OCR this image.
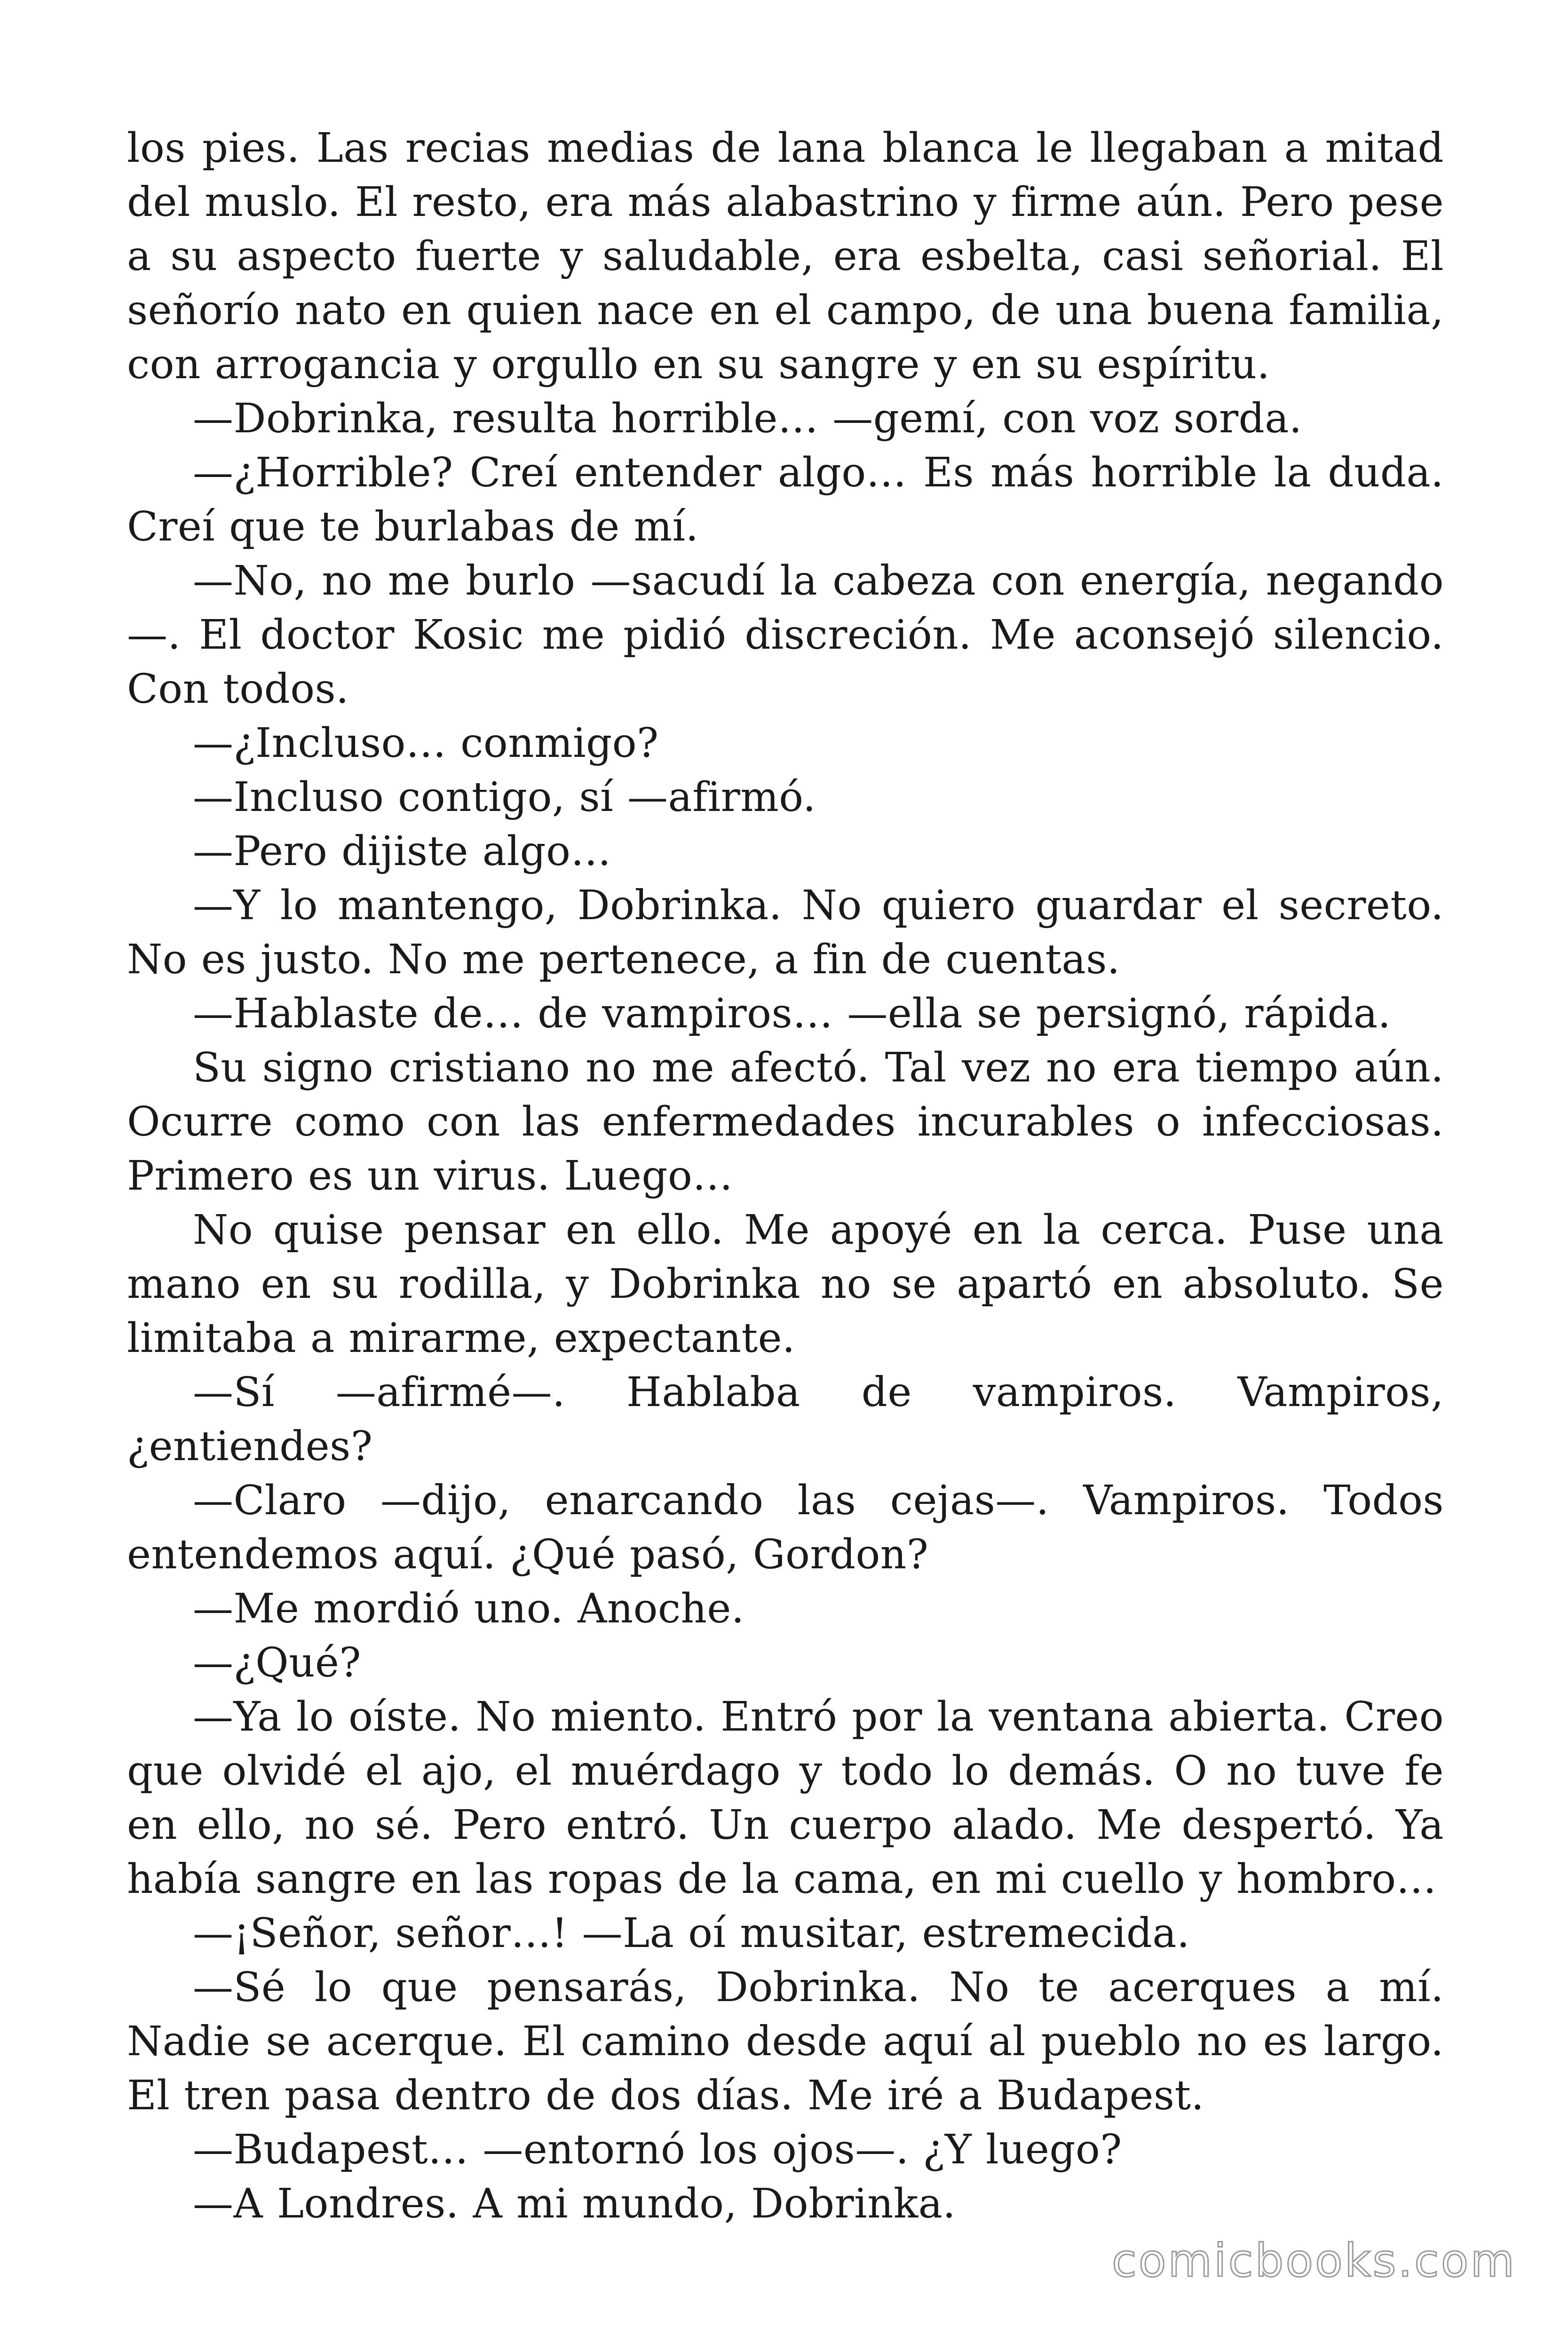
los pies. Las recias medias de lana blanca le llegaban a mitad del muslo. El resto, era más alabastrino y firme aún. Pero pese a su aspecto fuerte y saludable, era esbelta, casi señorial. El señorío nato en quien nace en el campo, de una buena familia, con arrogancia y orgullo en su sangre y en su espíritu.

—Dobrinka, resulta horrible… —gemí, con voz sorda.

—¿Horrible? Creí entender algo… Es más horrible la duda. Creí que te burlabas de mí.

—No, no me burlo —sacudí la cabeza con energía, negando—. El doctor Kosic me pidió discreción. Me aconsejó silencio. Con todos.

—¿Incluso… conmigo?

—Incluso contigo, sí —afirmó.

—Pero dijiste algo…

—Y lo mantengo, Dobrinka. No quiero guardar el secreto. No es justo. No me pertenece, a fin de cuentas.

—Hablaste de… de vampiros… —ella se persignó, rápida.

Su signo cristiano no me afectó. Tal vez no era tiempo aún. Ocurre como con las enfermedades incurables o infecciosas. Primero es un virus. Luego…

No quise pensar en ello. Me apoyé en la cerca. Puse una mano en su rodilla, y Dobrinka no se apartó en absoluto. Se limitaba a mirarme, expectante.

—Sí —afirmé—. Hablaba de vampiros. Vampiros, ¿entiendes?

—Claro —dijo, enarcando las cejas—. Vampiros. Todos entendemos aquí. ¿Qué pasó, Gordon?

—Me mordió uno. Anoche.

—¿Qué?

—Ya lo oíste. No miento. Entró por la ventana abierta. Creo que olvidé el ajo, el muérdago y todo lo demás. O no tuve fe en ello, no sé. Pero entró. Un cuerpo alado. Me despertó. Ya había sangre en las ropas de la cama, en mi cuello y hombro…

—¡Señor, señor…! —La oí musitar, estremecida.

—Sé lo que pensarás, Dobrinka. No te acerques a mí. Nadie se acerque. El camino desde aquí al pueblo no es largo. El tren pasa dentro de dos días. Me iré a Budapest.

—Budapest… —entornó los ojos—. ¿Y luego?

—A Londres. A mi mundo, Dobrinka.

comicbooks.com
